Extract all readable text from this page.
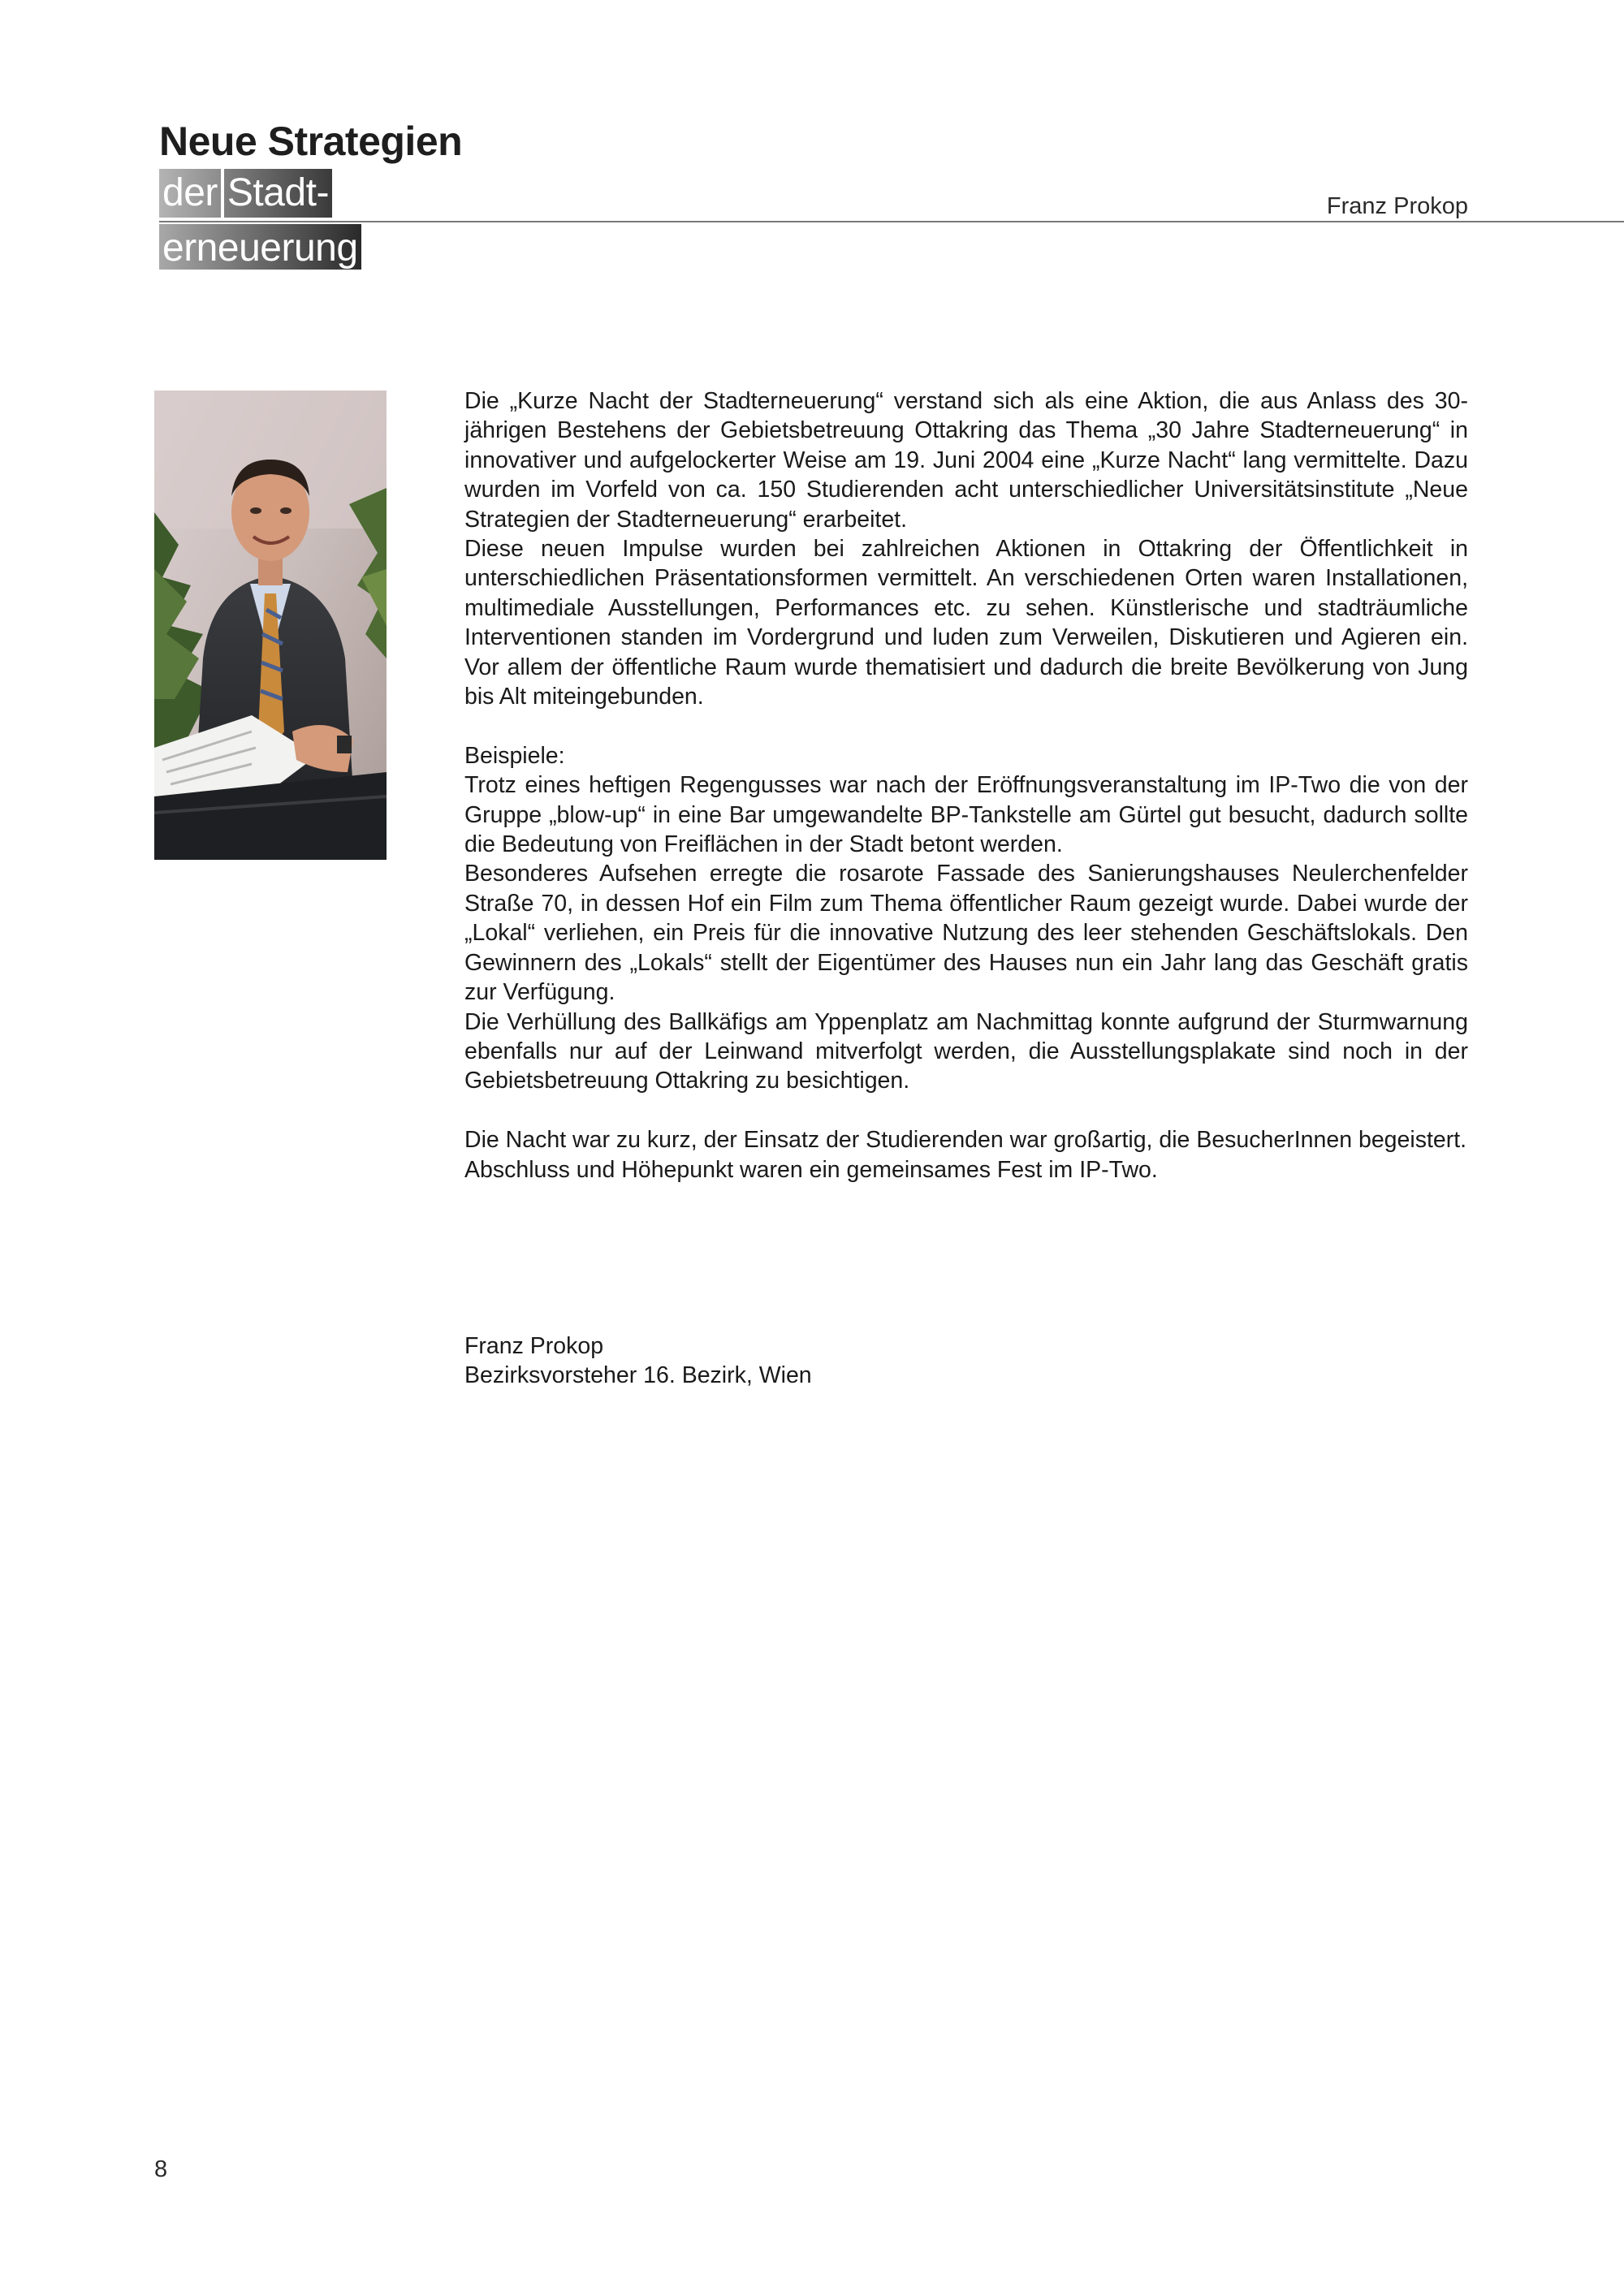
Neue Strategien
der Stadt-
erneuerung

Franz Prokop

Die „Kurze Nacht der Stadterneuerung“ verstand sich als eine Aktion, die aus Anlass des 30-jährigen Bestehens der Gebietsbetreuung Ottakring das Thema „30 Jahre Stadterneuerung“ in innovativer und aufgelockerter Weise am 19. Juni 2004 eine „Kurze Nacht“ lang vermittelte. Dazu wurden im Vorfeld von ca. 150 Studierenden acht unterschiedlicher Universitätsinstitute „Neue Strategien der Stadterneuerung“ erarbeitet.

Diese neuen Impulse wurden bei zahlreichen Aktionen in Ottakring der Öffentlichkeit in unterschiedlichen Präsentationsformen vermittelt. An verschiedenen Orten waren Installationen, multimediale Ausstellungen, Performances etc. zu sehen. Künstlerische und stadträumliche Interventionen standen im Vordergrund und luden zum Verweilen, Diskutieren und Agieren ein. Vor allem der öffentliche Raum wurde thematisiert und dadurch die breite Bevölkerung von Jung bis Alt miteingebunden.

Beispiele:

Trotz eines heftigen Regengusses war nach der Eröffnungsveranstaltung im IP-Two die von der Gruppe „blow-up“ in eine Bar umgewandelte BP-Tankstelle am Gürtel gut besucht, dadurch sollte die Bedeutung von Freiflächen in der Stadt betont werden.

Besonderes Aufsehen erregte die rosarote Fassade des Sanierungshauses Neulerchenfelder Straße 70, in dessen Hof ein Film zum Thema öffentlicher Raum gezeigt wurde. Dabei wurde der „Lokal“ verliehen, ein Preis für die innovative Nutzung des leer stehenden Geschäftslokals. Den Gewinnern des „Lokals“ stellt der Eigentümer des Hauses nun ein Jahr lang das Geschäft gratis zur Verfügung.

Die Verhüllung des Ballkäfigs am Yppenplatz am Nachmittag konnte aufgrund der Sturmwarnung ebenfalls nur auf der Leinwand mitverfolgt werden, die Ausstellungsplakate sind noch in der Gebietsbetreuung Ottakring zu besichtigen.

Die Nacht war zu kurz, der Einsatz der Studierenden war großartig, die BesucherInnen begeistert.

Abschluss und Höhepunkt waren ein gemeinsames Fest im IP-Two.

Franz Prokop

Bezirksvorsteher 16. Bezirk, Wien

8
